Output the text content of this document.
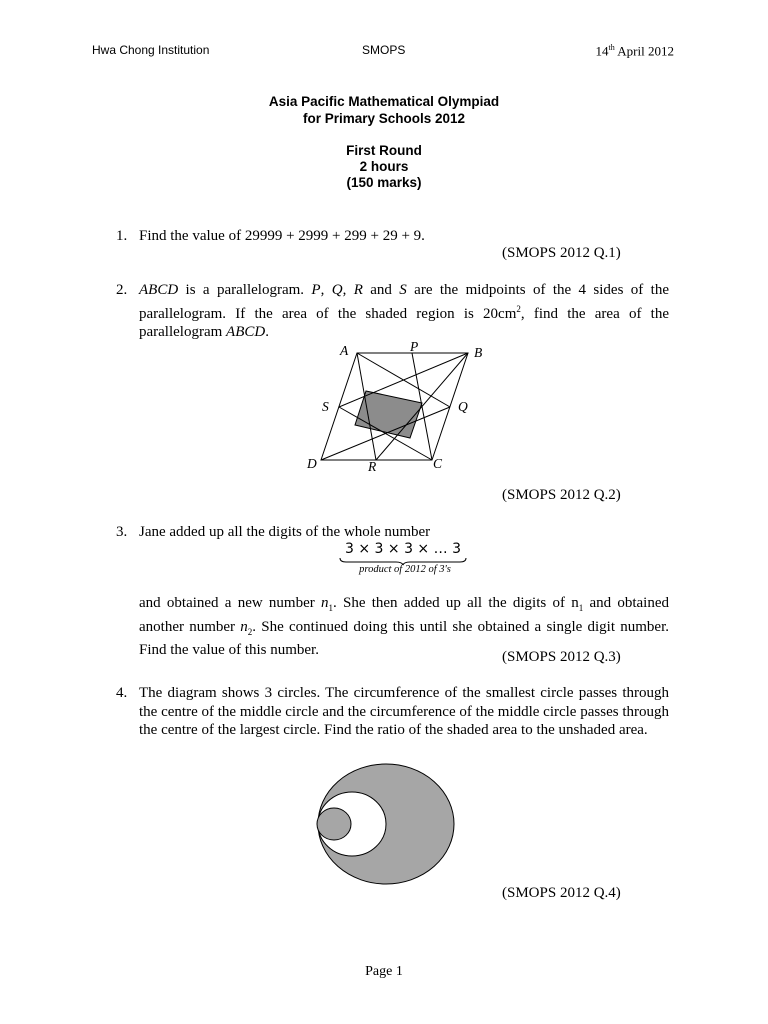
Hwa Chong Institution	SMOPS	14th April 2012
Asia Pacific Mathematical Olympiad
for Primary Schools 2012
First Round
2 hours
(150 marks)
1. Find the value of 29999 + 2999 + 299 + 29 + 9.
(SMOPS 2012 Q.1)
2. ABCD is a parallelogram. P, Q, R and S are the midpoints of the 4 sides of the parallelogram. If the area of the shaded region is $20cm^2$, find the area of the parallelogram ABCD.
A	P	B
S	Q
D	R	C
(SMOPS 2012 Q.2)
3. Jane added up all the digits of the whole number
3 × 3 × 3 × … 3
product of 2012 of 3's
and obtained a new number $n_1$. She then added up all the digits of $n_1$ and obtained another number $n_2$. She continued doing this until she obtained a single digit number. Find the value of this number.	(SMOPS 2012 Q.3)
4. The diagram shows 3 circles. The circumference of the smallest circle passes through the centre of the middle circle and the circumference of the middle circle passes through the centre of the largest circle. Find the ratio of the shaded area to the unshaded area.
(SMOPS 2012 Q.4)
Page 1
